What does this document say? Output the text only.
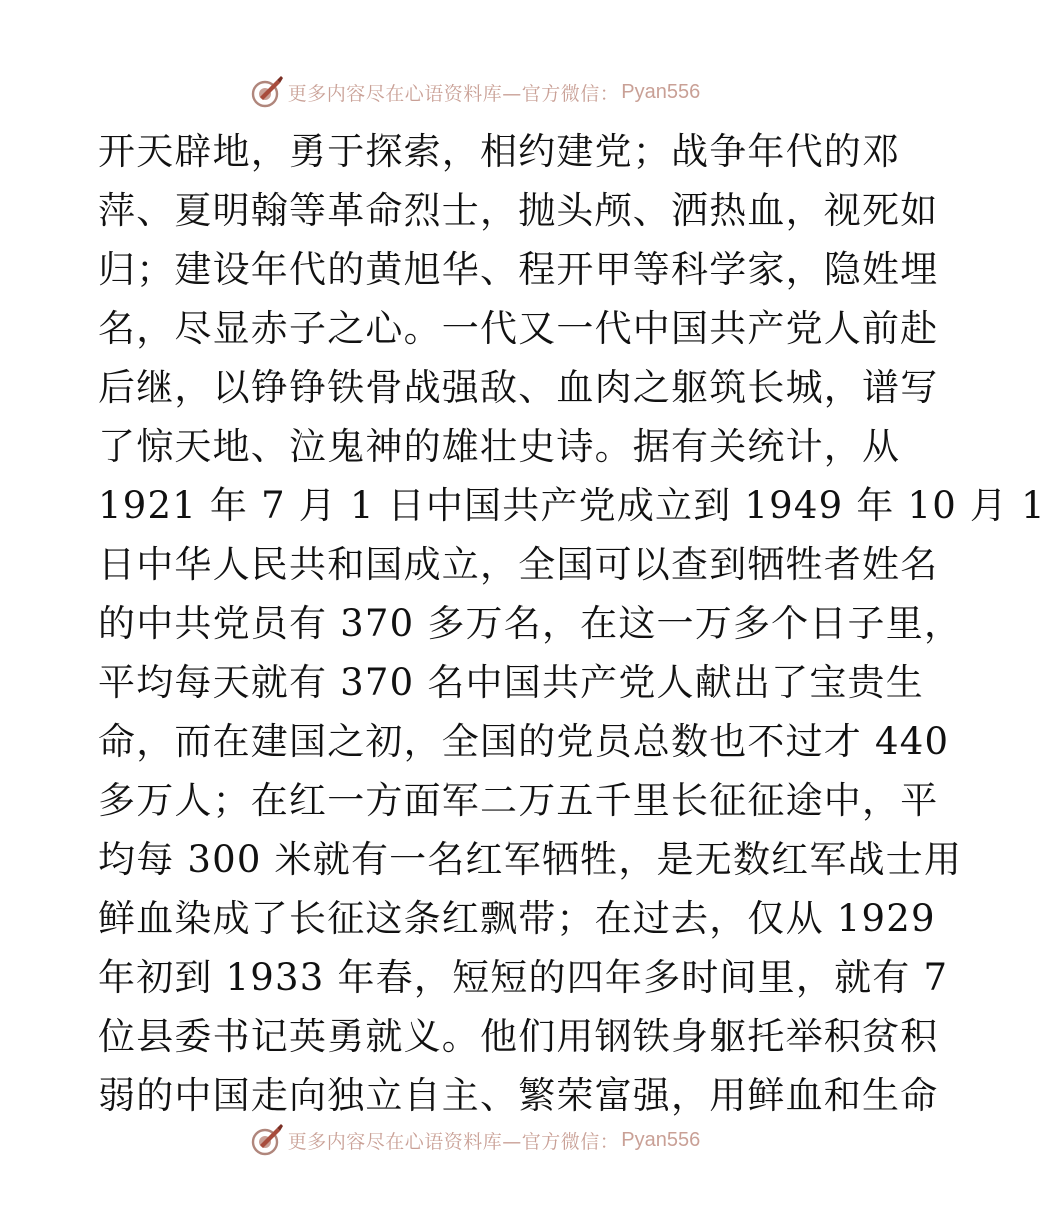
更多内容尽在心语资料库—官方微信： Pyan556
开天辟地，勇于探索，相约建党；战争年代的邓
萍、夏明翰等革命烈士，抛头颅、洒热血，视死如
归；建设年代的黄旭华、程开甲等科学家，隐姓埋
名，尽显赤子之心。一代又一代中国共产党人前赴
后继，以铮铮铁骨战强敌、血肉之躯筑长城，谱写
了惊天地、泣鬼神的雄壮史诗。据有关统计，从
1921 年 7 月 1 日中国共产党成立到 1949 年 10 月 1
日中华人民共和国成立，全国可以查到牺牲者姓名
的中共党员有 370 多万名，在这一万多个日子里，
平均每天就有 370 名中国共产党人献出了宝贵生
命，而在建国之初，全国的党员总数也不过才 440
多万人；在红一方面军二万五千里长征征途中，平
均每 300 米就有一名红军牺牲，是无数红军战士用
鲜血染成了长征这条红飘带；在过去，仅从 1929
年初到 1933 年春，短短的四年多时间里，就有 7
位县委书记英勇就义。他们用钢铁身躯托举积贫积
弱的中国走向独立自主、繁荣富强，用鲜血和生命
更多内容尽在心语资料库—官方微信： Pyan556
